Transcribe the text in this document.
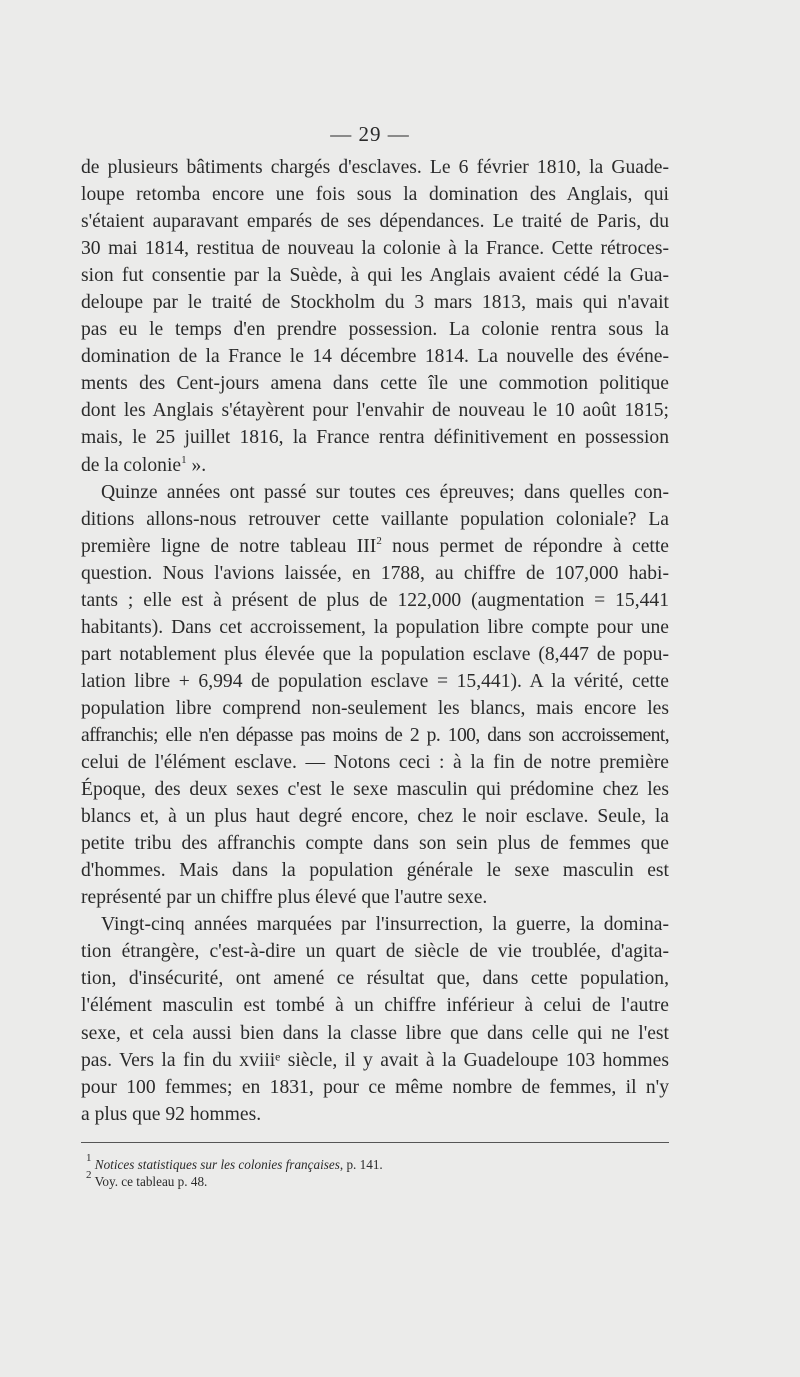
— 29 —
de plusieurs bâtiments chargés d'esclaves. Le 6 février 1810, la Guade-
loupe retomba encore une fois sous la domination des Anglais, qui
s'étaient auparavant emparés de ses dépendances. Le traité de Paris, du
30 mai 1814, restitua de nouveau la colonie à la France. Cette rétroces-
sion fut consentie par la Suède, à qui les Anglais avaient cédé la Gua-
deloupe par le traité de Stockholm du 3 mars 1813, mais qui n'avait
pas eu le temps d'en prendre possession. La colonie rentra sous la
domination de la France le 14 décembre 1814. La nouvelle des événe-
ments des Cent-jours amena dans cette île une commotion politique
dont les Anglais s'étayèrent pour l'envahir de nouveau le 10 août 1815;
mais, le 25 juillet 1816, la France rentra définitivement en possession
de la colonie$^1$ ».
Quinze années ont passé sur toutes ces épreuves; dans quelles con-
ditions allons-nous retrouver cette vaillante population coloniale? La
première ligne de notre tableau III$^2$ nous permet de répondre à cette
question. Nous l'avions laissée, en 1788, au chiffre de 107,000 habi-
tants ; elle est à présent de plus de 122,000 (augmentation = 15,441
habitants). Dans cet accroissement, la population libre compte pour une
part notablement plus élevée que la population esclave (8,447 de popu-
lation libre + 6,994 de population esclave = 15,441). A la vérité, cette
population libre comprend non-seulement les blancs, mais encore les
affranchis; elle n'en dépasse pas moins de 2 p. 100, dans son accroissement,
celui de l'élément esclave. — Notons ceci : à la fin de notre première
Époque, des deux sexes c'est le sexe masculin qui prédomine chez les
blancs et, à un plus haut degré encore, chez le noir esclave. Seule, la
petite tribu des affranchis compte dans son sein plus de femmes que
d'hommes. Mais dans la population générale le sexe masculin est
représenté par un chiffre plus élevé que l'autre sexe.
Vingt-cinq années marquées par l'insurrection, la guerre, la domina-
tion étrangère, c'est-à-dire un quart de siècle de vie troublée, d'agita-
tion, d'insécurité, ont amené ce résultat que, dans cette population,
l'élément masculin est tombé à un chiffre inférieur à celui de l'autre
sexe, et cela aussi bien dans la classe libre que dans celle qui ne l'est
pas. Vers la fin du xviiiᵉ siècle, il y avait à la Guadeloupe 103 hommes
pour 100 femmes; en 1831, pour ce même nombre de femmes, il n'y
a plus que 92 hommes.
$^1$ Notices statistiques sur les colonies françaises, p. 141.
$^2$ Voy. ce tableau p. 48.
